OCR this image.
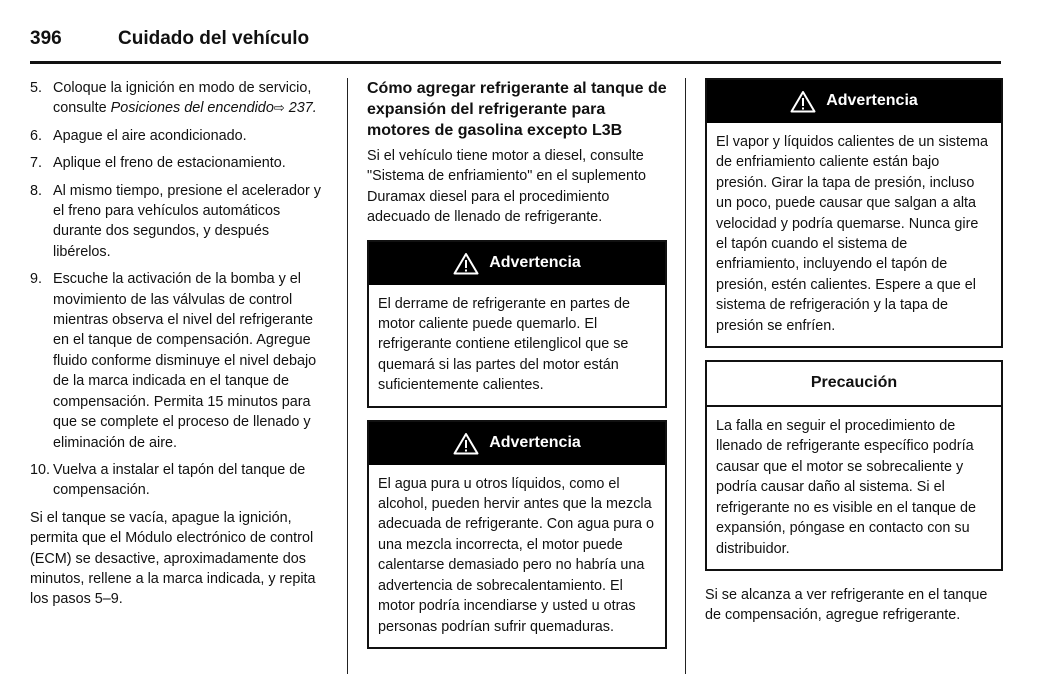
396	Cuidado del vehículo
5. Coloque la ignición en modo de servicio, consulte Posiciones del encendido⇨ 237.
6. Apague el aire acondicionado.
7. Aplique el freno de estacionamiento.
8. Al mismo tiempo, presione el acelerador y el freno para vehículos automáticos durante dos segundos, y después libérelos.
9. Escuche la activación de la bomba y el movimiento de las válvulas de control mientras observa el nivel del refrigerante en el tanque de compensación. Agregue fluido conforme disminuye el nivel debajo de la marca indicada en el tanque de compensación. Permita 15 minutos para que se complete el proceso de llenado y eliminación de aire.
10. Vuelva a instalar el tapón del tanque de compensación.

Si el tanque se vacía, apague la ignición, permita que el Módulo electrónico de control (ECM) se desactive, aproximadamente dos minutos, rellene a la marca indicada, y repita los pasos 5–9.

Cómo agregar refrigerante al tanque de expansión del refrigerante para motores de gasolina excepto L3B

Si el vehículo tiene motor a diesel, consulte "Sistema de enfriamiento" en el suplemento Duramax diesel para el procedimiento adecuado de llenado de refrigerante.

Advertencia
El derrame de refrigerante en partes de motor caliente puede quemarlo. El refrigerante contiene etilenglicol que se quemará si las partes del motor están suficientemente calientes.
Advertencia
El agua pura u otros líquidos, como el alcohol, pueden hervir antes que la mezcla adecuada de refrigerante. Con agua pura o una mezcla incorrecta, el motor puede calentarse demasiado pero no habría una advertencia de sobrecalentamiento. El motor podría incendiarse y usted u otras personas podrían sufrir quemaduras.
Advertencia
El vapor y líquidos calientes de un sistema de enfriamiento caliente están bajo presión. Girar la tapa de presión, incluso un poco, puede causar que salgan a alta velocidad y podría quemarse. Nunca gire el tapón cuando el sistema de enfriamiento, incluyendo el tapón de presión, estén calientes. Espere a que el sistema de refrigeración y la tapa de presión se enfríen.
Precaución
La falla en seguir el procedimiento de llenado de refrigerante específico podría causar que el motor se sobrecaliente y podría causar daño al sistema. Si el refrigerante no es visible en el tanque de expansión, póngase en contacto con su distribuidor.

Si se alcanza a ver refrigerante en el tanque de compensación, agregue refrigerante.
